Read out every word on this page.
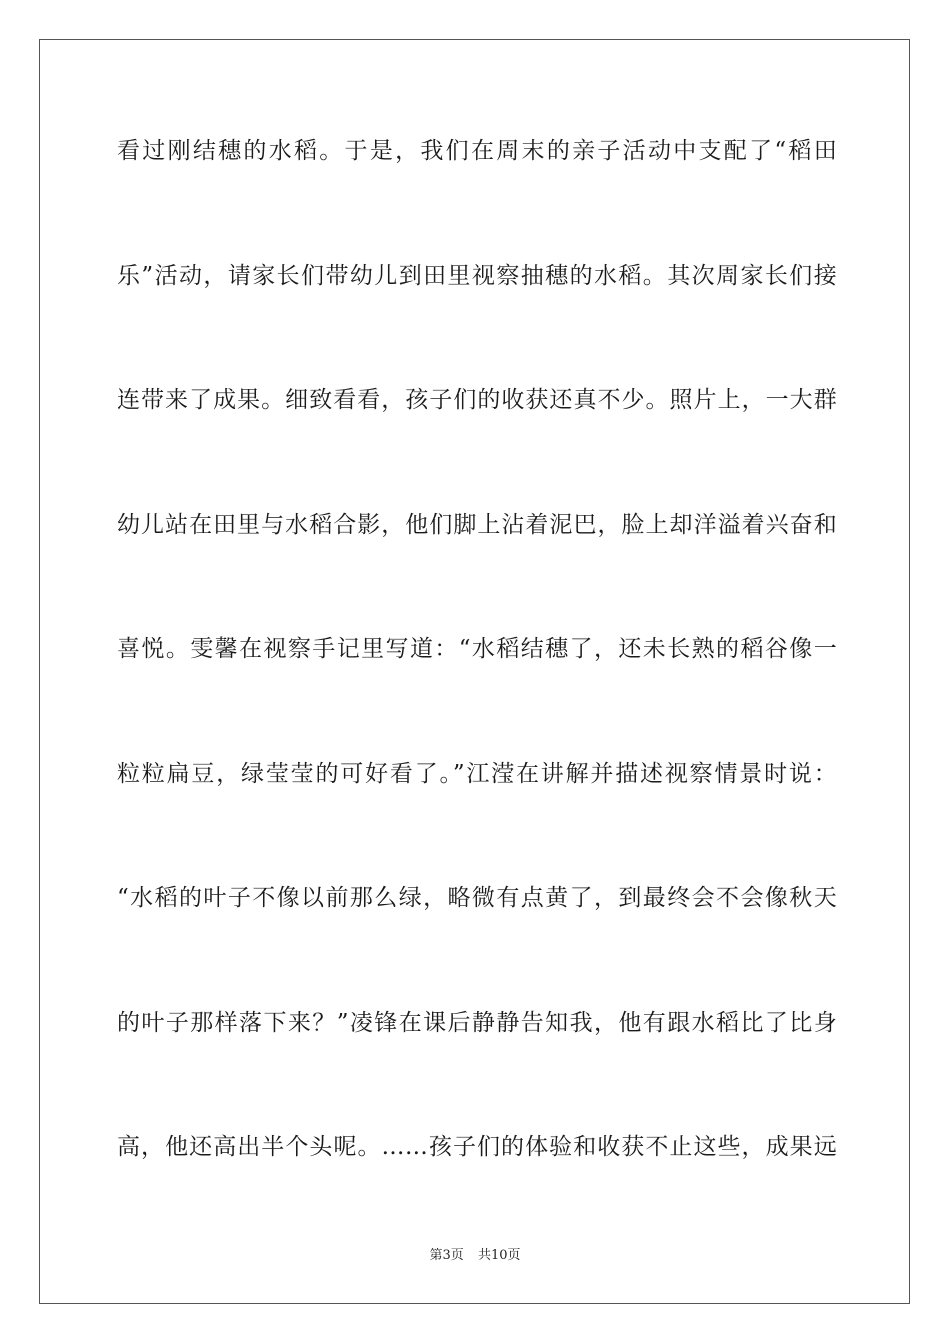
看过刚结穗的水稻。于是，我们在周末的亲子活动中支配了“稻田
乐”活动，请家长们带幼儿到田里视察抽穗的水稻。其次周家长们接
连带来了成果。细致看看，孩子们的收获还真不少。照片上，一大群
幼儿站在田里与水稻合影，他们脚上沾着泥巴，脸上却洋溢着兴奋和
喜悦。雯馨在视察手记里写道：“水稻结穗了，还未长熟的稻谷像一
粒粒扁豆，绿莹莹的可好看了。”江滢在讲解并描述视察情景时说：
“水稻的叶子不像以前那么绿，略微有点黄了，到最终会不会像秋天
的叶子那样落下来？”凌锋在课后静静告知我，他有跟水稻比了比身
高，他还高出半个头呢。……孩子们的体验和收获不止这些，成果远
第3页 共10页
